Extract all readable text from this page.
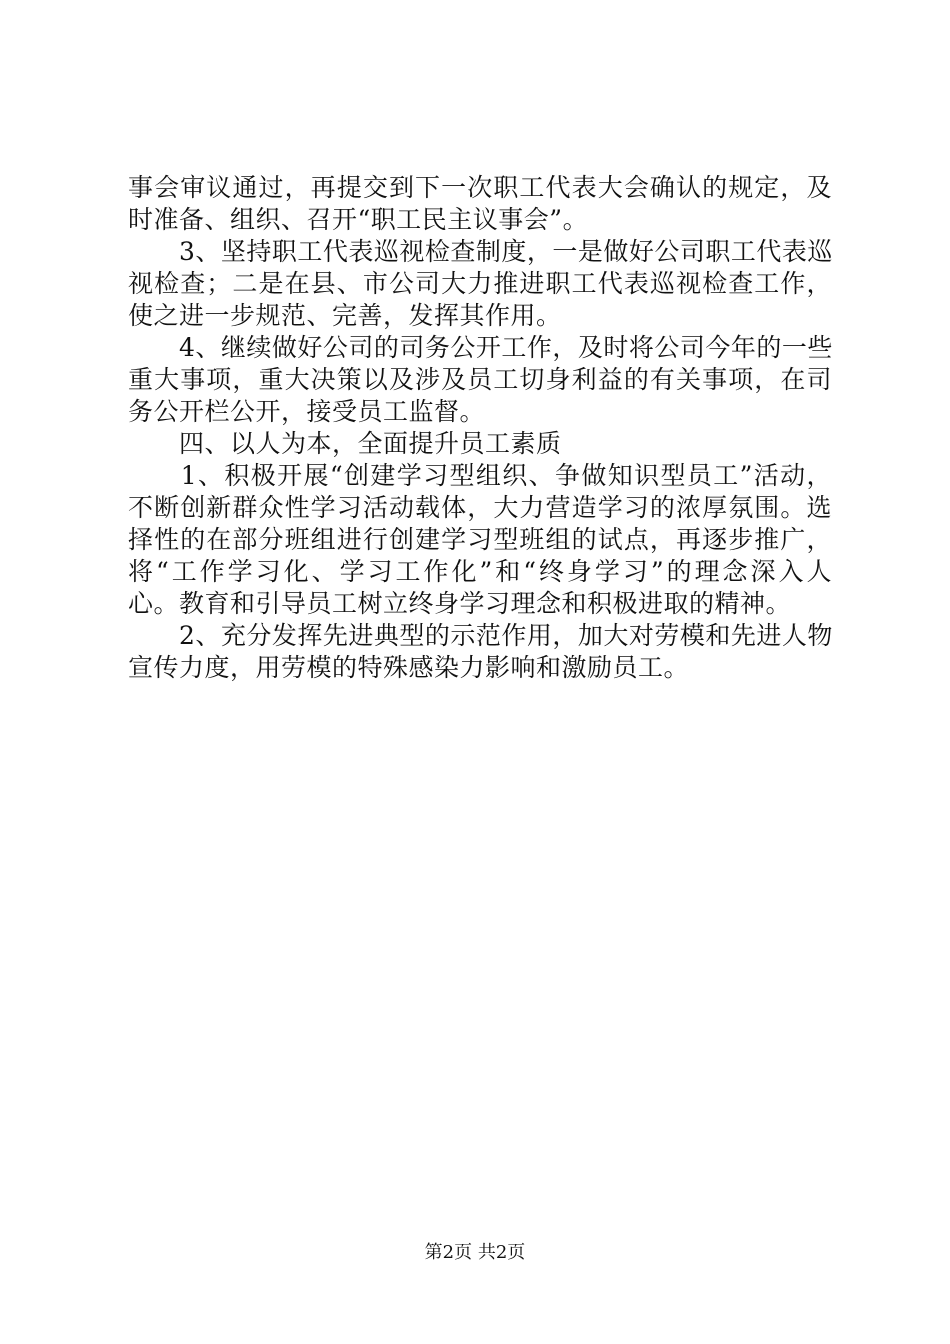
事会审议通过，再提交到下一次职工代表大会确认的规定，及
时准备、组织、召开“职工民主议事会”。
　　3、坚持职工代表巡视检查制度，一是做好公司职工代表巡
视检查；二是在县、市公司大力推进职工代表巡视检查工作，
使之进一步规范、完善，发挥其作用。
　　4、继续做好公司的司务公开工作，及时将公司今年的一些
重大事项，重大决策以及涉及员工切身利益的有关事项，在司
务公开栏公开，接受员工监督。
　　四、以人为本，全面提升员工素质
　　1、积极开展“创建学习型组织、争做知识型员工”活动，
不断创新群众性学习活动载体，大力营造学习的浓厚氛围。选
择性的在部分班组进行创建学习型班组的试点，再逐步推广，
将“工作学习化、学习工作化”和“终身学习”的理念深入人
心。教育和引导员工树立终身学习理念和积极进取的精神。
　　2、充分发挥先进典型的示范作用，加大对劳模和先进人物
宣传力度，用劳模的特殊感染力影响和激励员工。
第2页 共2页
